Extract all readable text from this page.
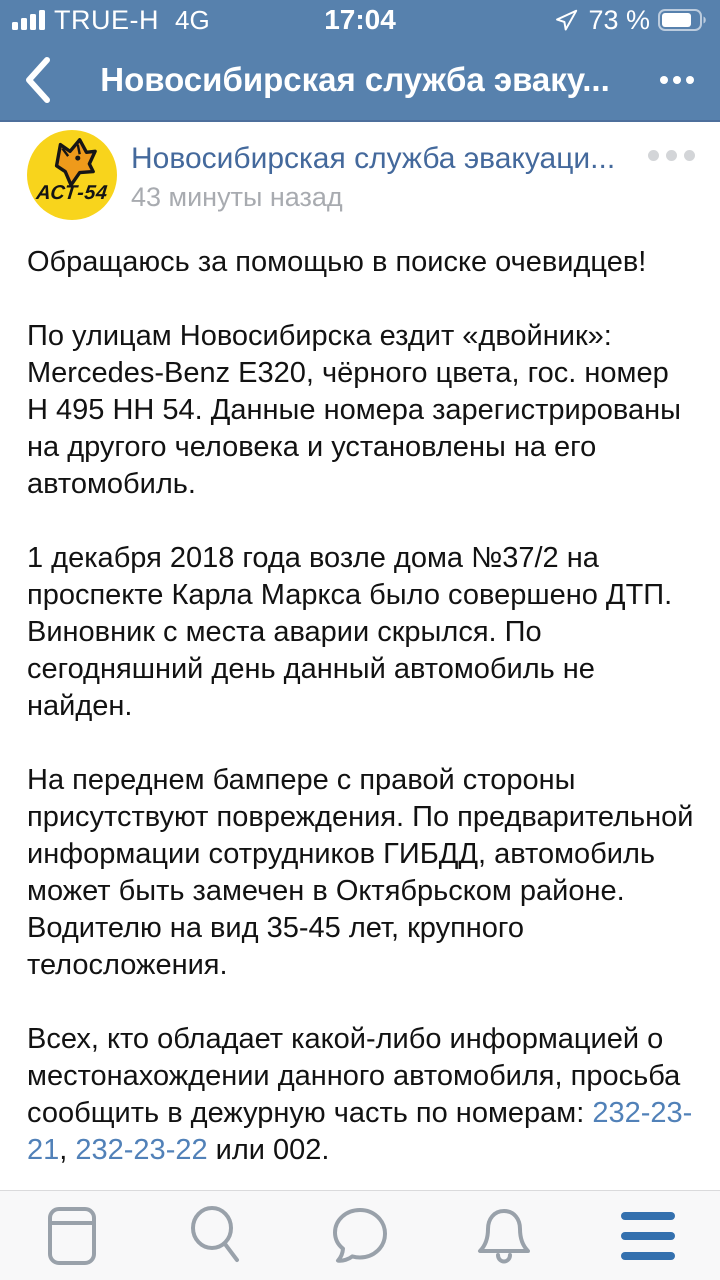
TRUE-H 4G	17:04	73 %
Новосибирская служба эваку...
АСТ-54
Новосибирская служба эвакуаци...
43 минуты назад

Обращаюсь за помощью в поиске очевидцев!

По улицам Новосибирска ездит «двойник»: Mercedes-Benz E320, чёрного цвета, гос. номер Н 495 НН 54. Данные номера зарегистрированы на другого человека и установлены на его автомобиль.

1 декабря 2018 года возле дома №37/2 на проспекте Карла Маркса было совершено ДТП. Виновник с места аварии скрылся. По сегодняшний день данный автомобиль не найден.

На переднем бампере с правой стороны присутствуют повреждения. По предварительной информации сотрудников ГИБДД, автомобиль может быть замечен в Октябрьском районе. Водителю на вид 35-45 лет, крупного телосложения.

Всех, кто обладает какой-либо информацией о местонахождении данного автомобиля, просьба сообщить в дежурную часть по номерам: 232-23-21, 232-23-22 или 002.
